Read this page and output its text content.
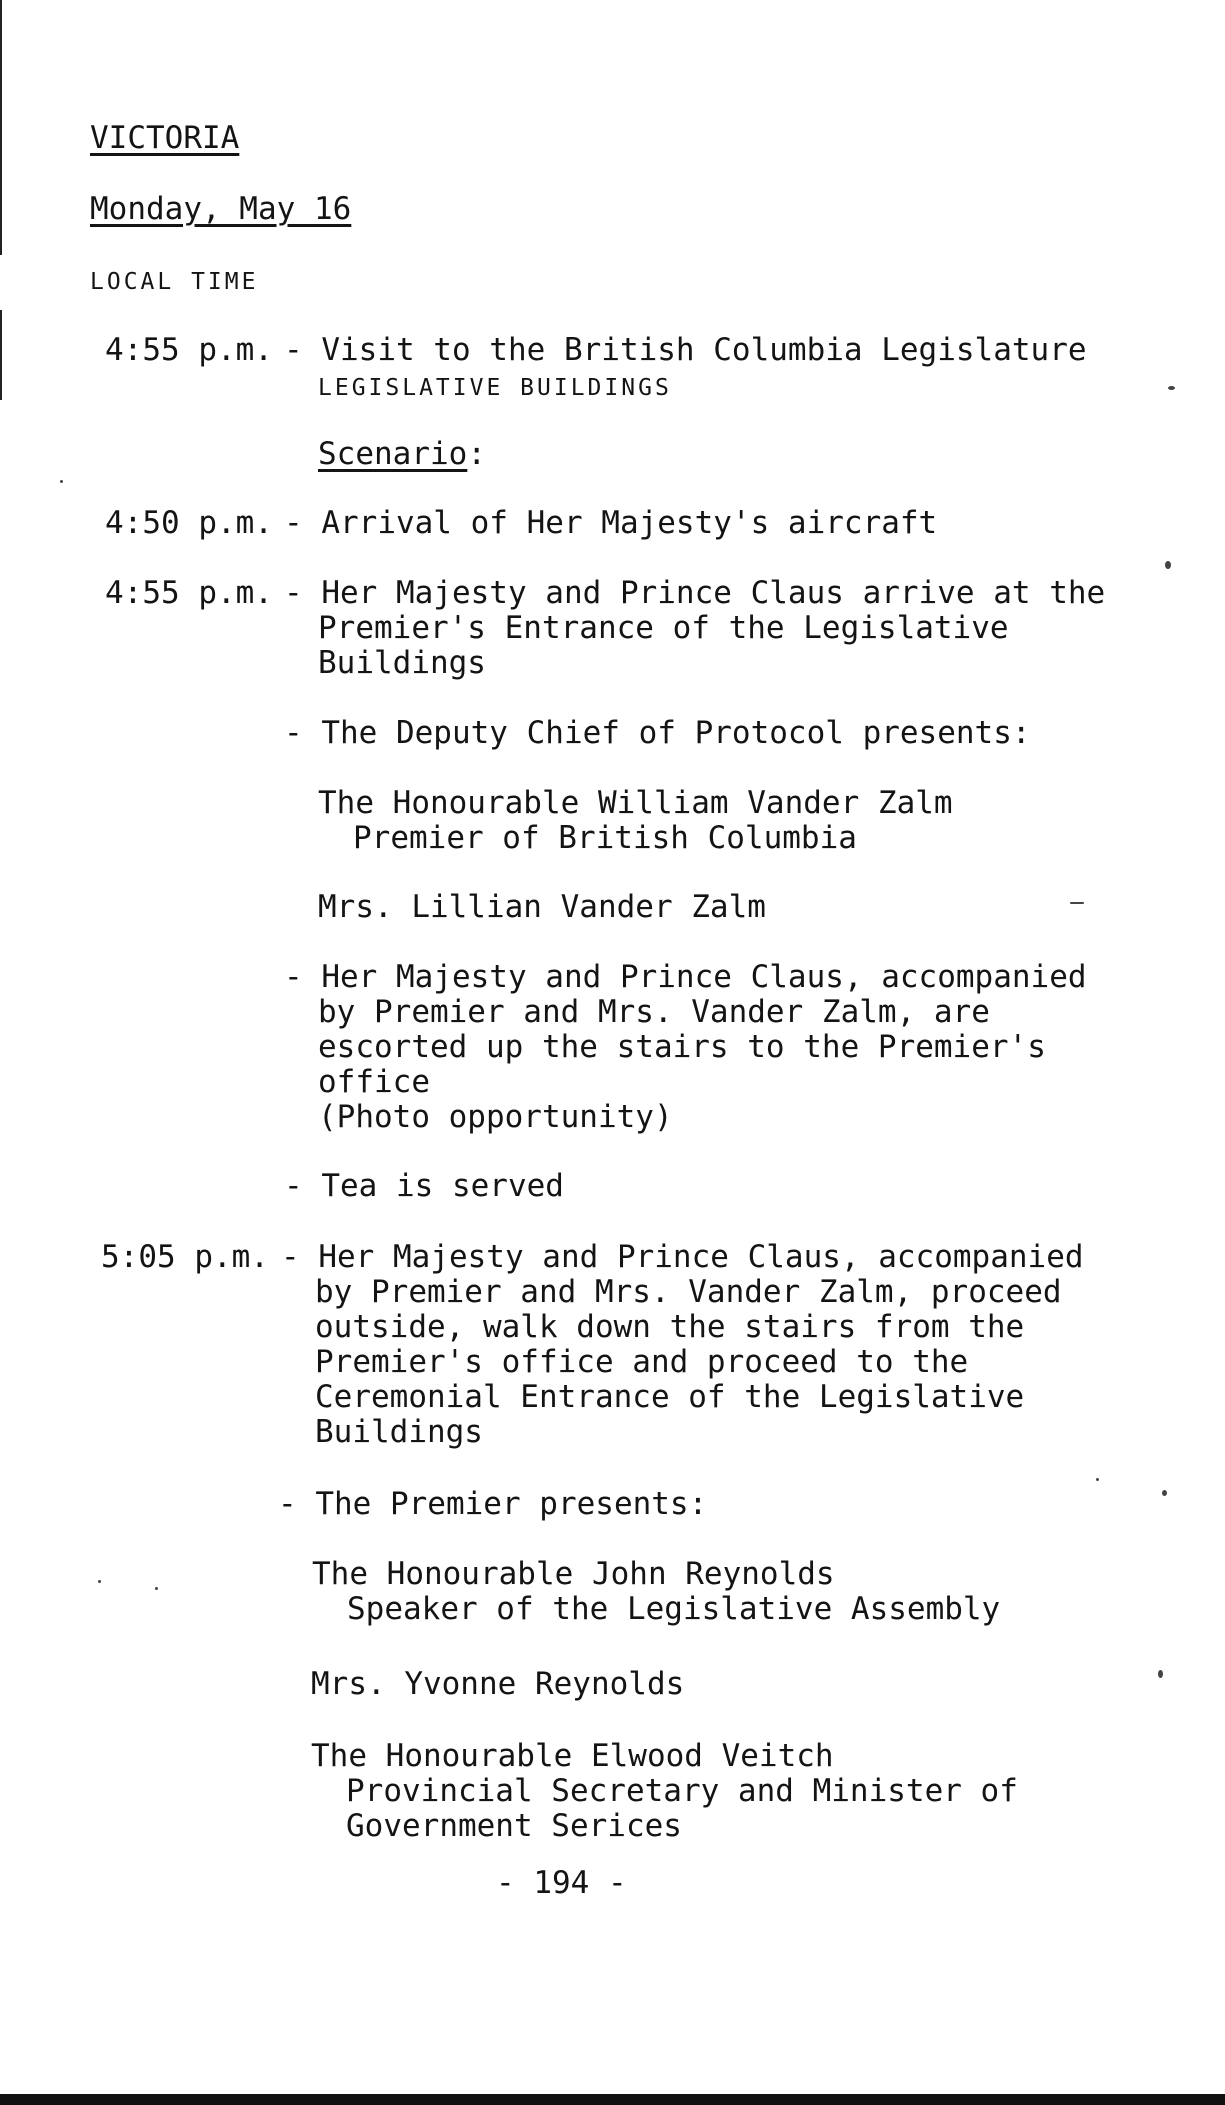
VICTORIA
Monday, May 16
LOCAL TIME
4:55 p.m. - Visit to the British Columbia Legislature
LEGISLATIVE BUILDINGS
Scenario:
4:50 p.m. - Arrival of Her Majesty's aircraft
4:55 p.m. - Her Majesty and Prince Claus arrive at the
Premier's Entrance of the Legislative
Buildings
- The Deputy Chief of Protocol presents:
The Honourable William Vander Zalm
Premier of British Columbia
Mrs. Lillian Vander Zalm
- Her Majesty and Prince Claus, accompanied
by Premier and Mrs. Vander Zalm, are
escorted up the stairs to the Premier's
office
(Photo opportunity)
- Tea is served
5:05 p.m. - Her Majesty and Prince Claus, accompanied
by Premier and Mrs. Vander Zalm, proceed
outside, walk down the stairs from the
Premier's office and proceed to the
Ceremonial Entrance of the Legislative
Buildings
- The Premier presents:
The Honourable John Reynolds
Speaker of the Legislative Assembly
Mrs. Yvonne Reynolds
The Honourable Elwood Veitch
Provincial Secretary and Minister of
Government Serices
- 194 -
